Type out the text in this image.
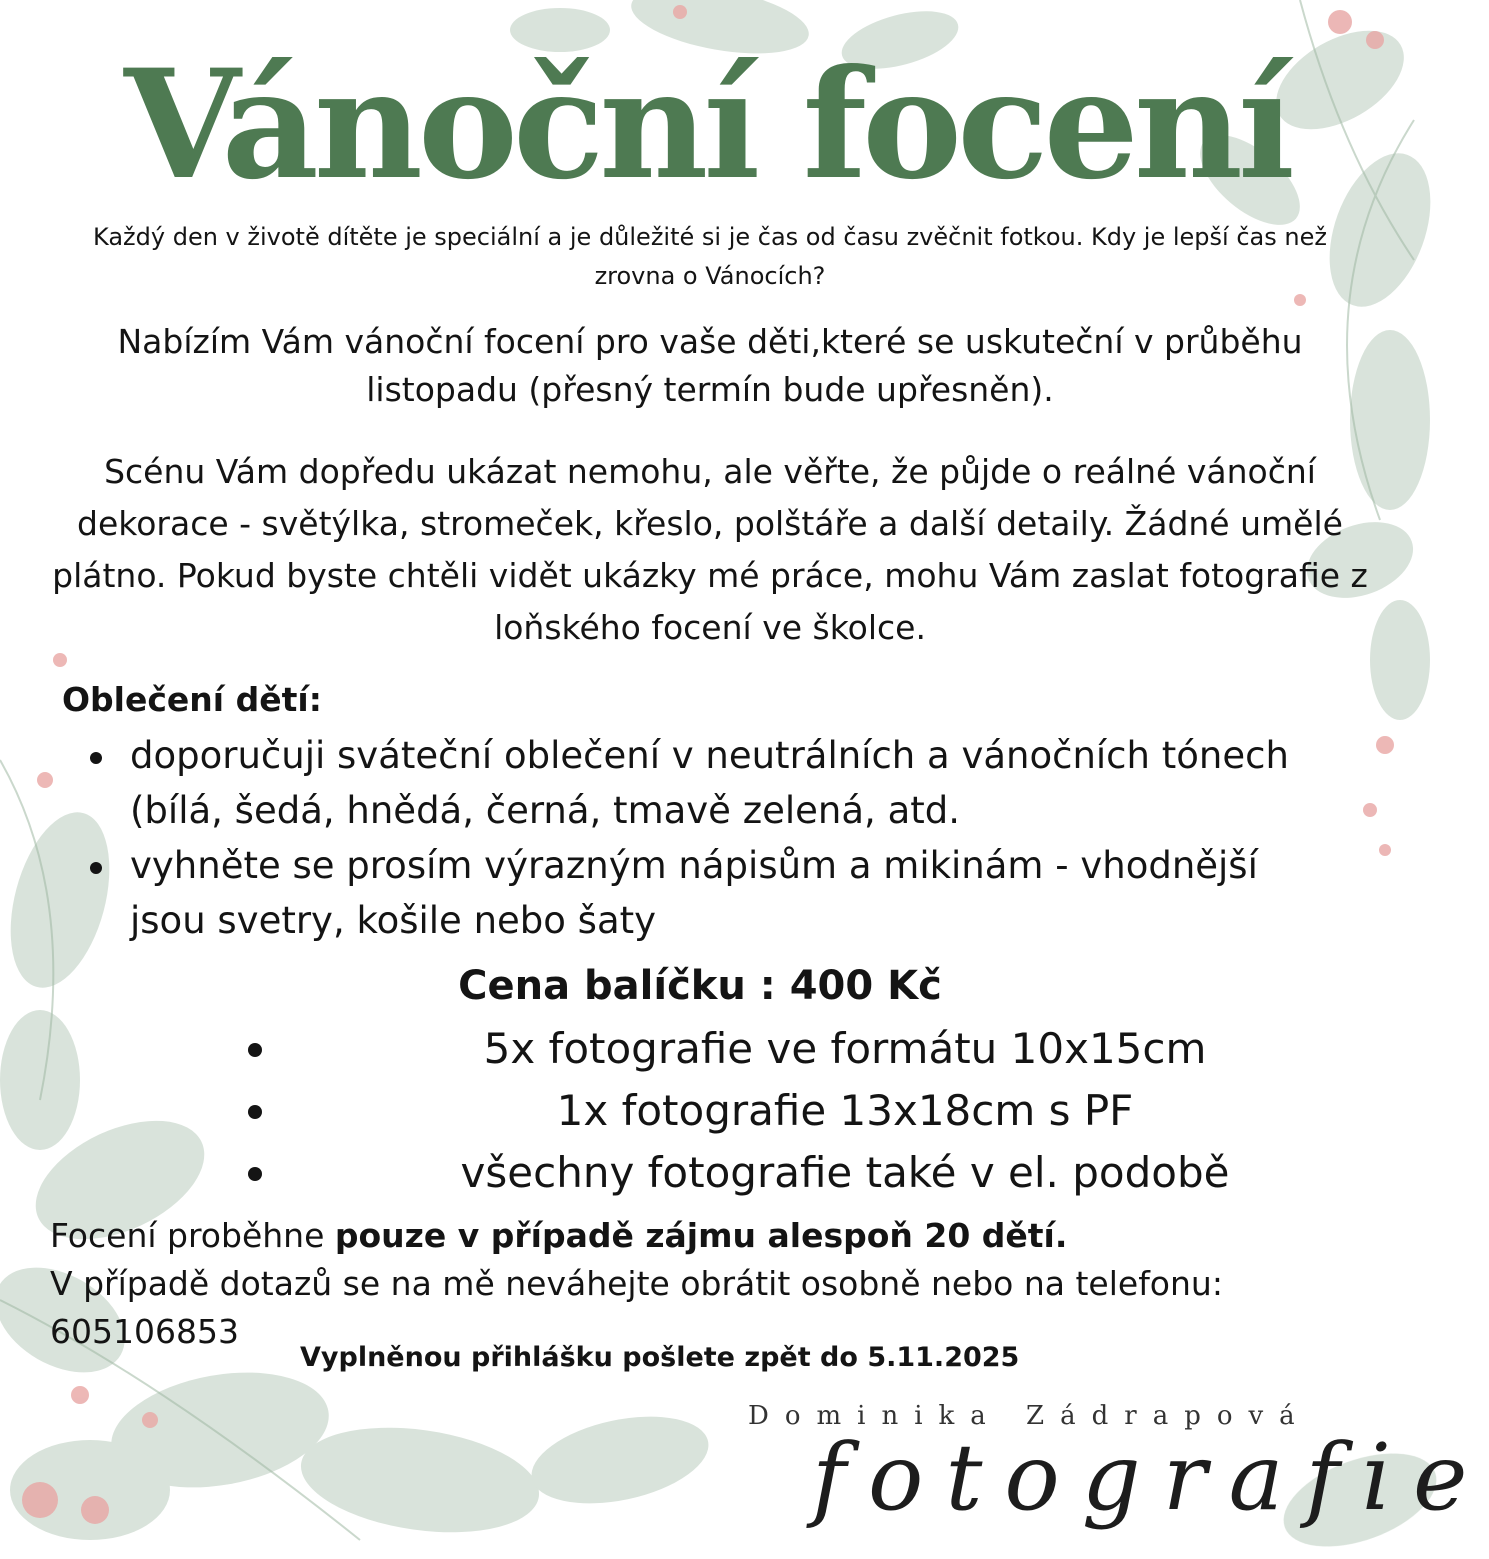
Vánoční focení
Každý den v životě dítěte je speciální a je důležité si je čas od času zvěčnit fotkou. Kdy je lepší čas než zrovna o Vánocích?
Nabízím Vám vánoční focení pro vaše děti,které se uskuteční v průběhu listopadu (přesný termín bude upřesněn).
Scénu Vám dopředu ukázat nemohu, ale věřte, že půjde o reálné vánoční dekorace - světýlka, stromeček, křeslo, polštáře a další detaily. Žádné umělé plátno. Pokud byste chtěli vidět ukázky mé práce, mohu Vám zaslat fotografie z loňského focení ve školce.
Oblečení dětí:
doporučuji sváteční oblečení v neutrálních a vánočních tónech (bílá, šedá, hnědá, černá, tmavě zelená, atd.
vyhněte se prosím výrazným nápisům a mikinám - vhodnější jsou svetry, košile nebo šaty
Cena balíčku : 400 Kč
5x fotografie ve formátu 10x15cm
1x fotografie 13x18cm s PF
všechny fotografie také v el. podobě
Focení proběhne pouze v případě zájmu alespoň 20 dětí.
V případě dotazů se na mě neváhejte obrátit osobně nebo na telefonu:
605106853
Vyplněnou přihlášku pošlete zpět do 5.11.2025
Dominika Zádrapová
fotografie
